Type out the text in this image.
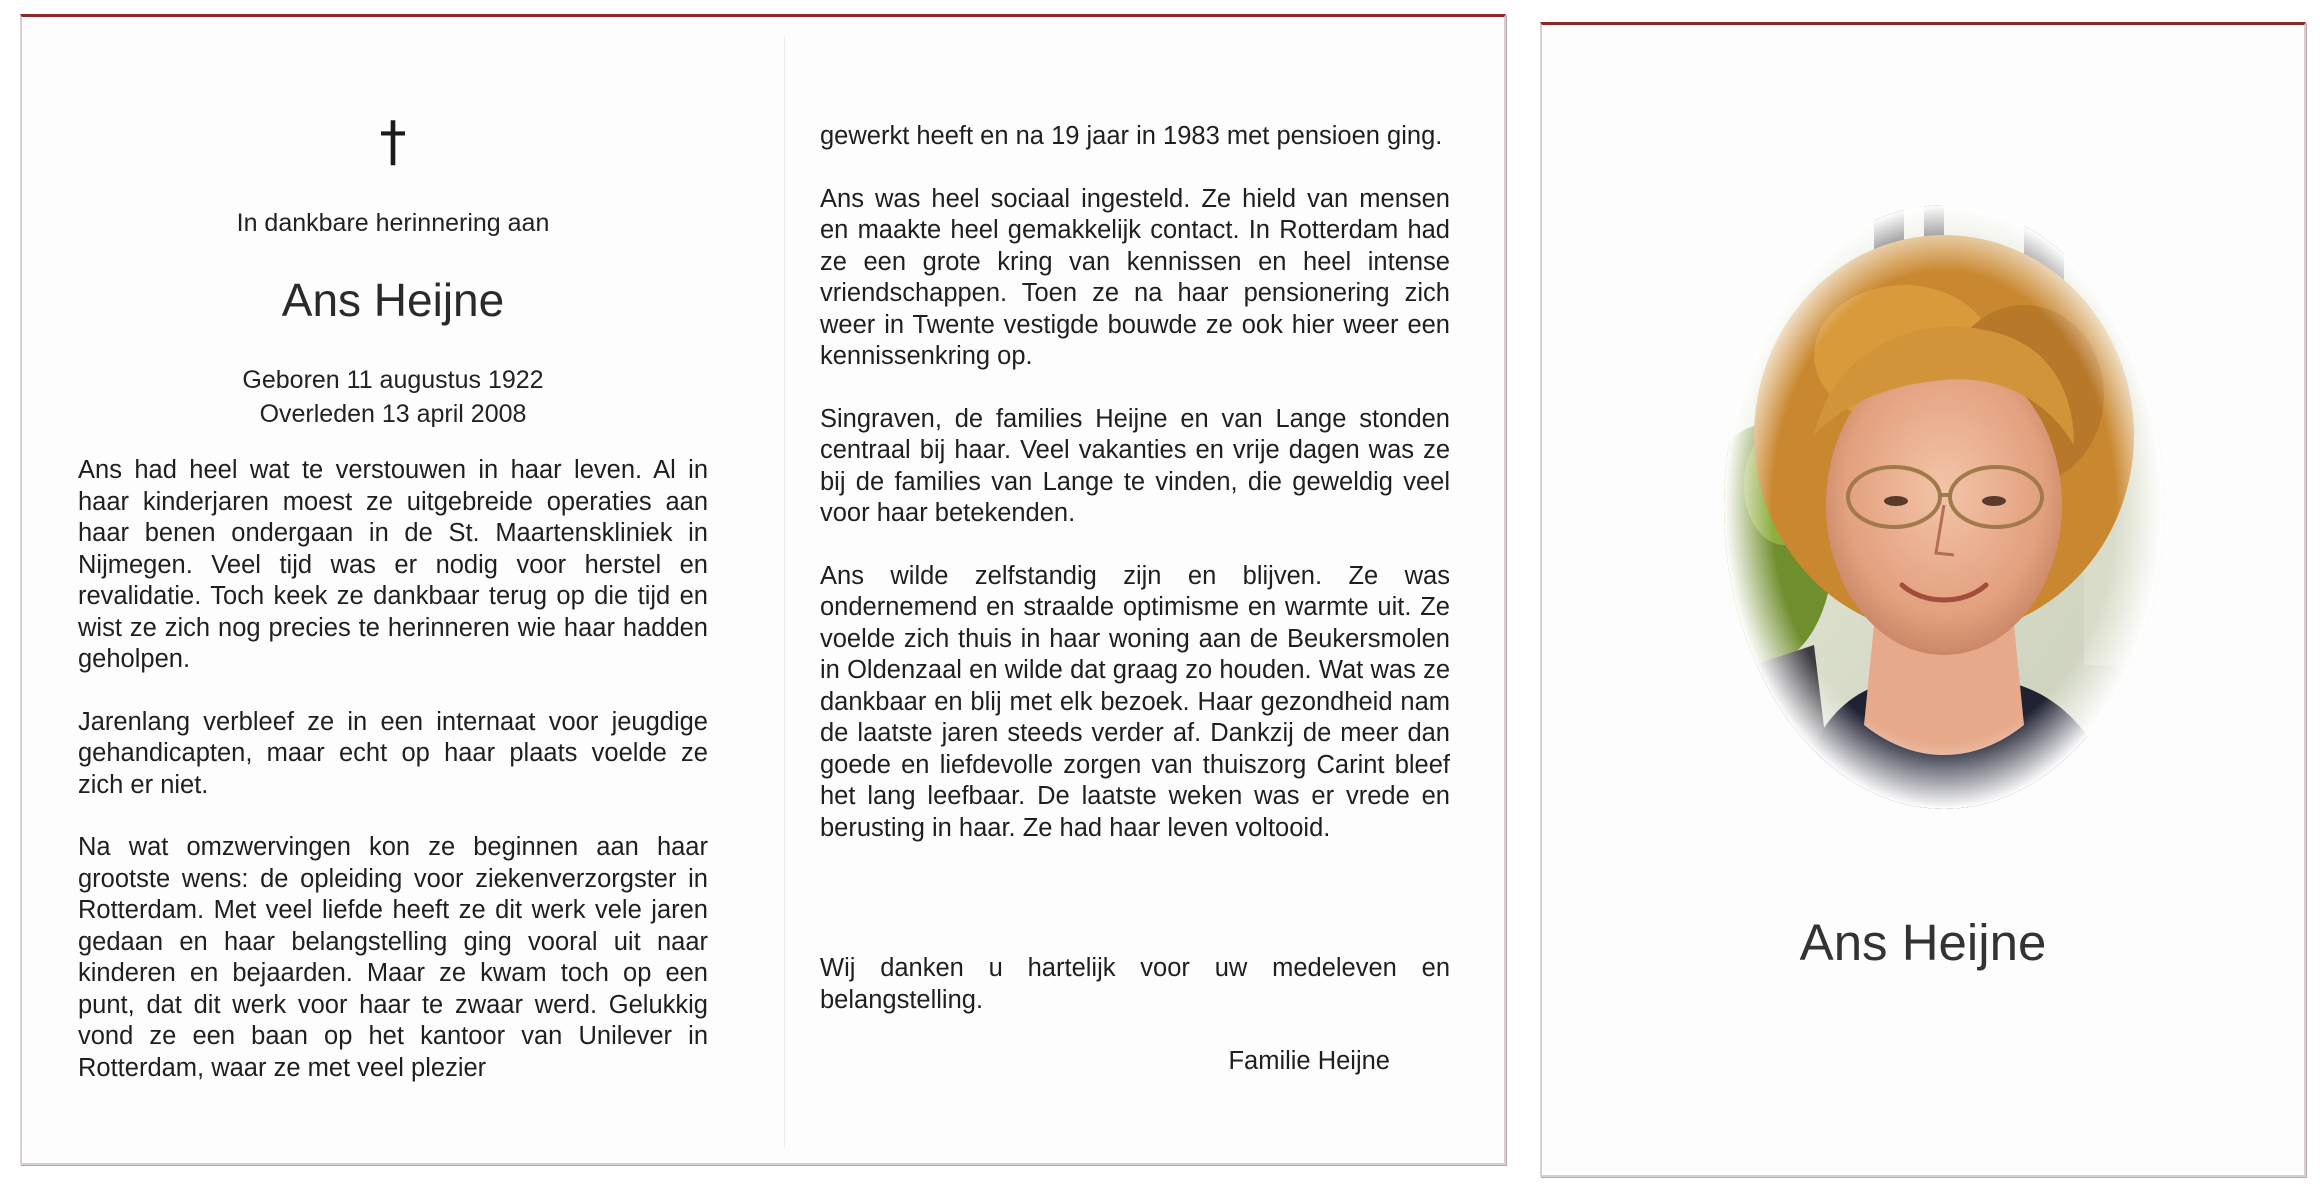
†
In dankbare herinnering aan
Ans Heijne
Geboren 11 augustus 1922
Overleden 13 april 2008

Ans had heel wat te verstouwen in haar leven. Al in haar kinderjaren moest ze uitgebreide operaties aan haar benen ondergaan in de St. Maartenskliniek in Nijmegen. Veel tijd was er nodig voor herstel en revalidatie. Toch keek ze dankbaar terug op die tijd en wist ze zich nog precies te herinneren wie haar hadden geholpen.

Jarenlang verbleef ze in een internaat voor jeugdige gehandicapten, maar echt op haar plaats voelde ze zich er niet.

Na wat omzwervingen kon ze beginnen aan haar grootste wens: de opleiding voor ziekenverzorgster in Rotterdam. Met veel liefde heeft ze dit werk vele jaren gedaan en haar belangstelling ging vooral uit naar kinderen en bejaarden. Maar ze kwam toch op een punt, dat dit werk voor haar te zwaar werd. Gelukkig vond ze een baan op het kantoor van Unilever in Rotterdam, waar ze met veel plezier

gewerkt heeft en na 19 jaar in 1983 met pensioen ging.

Ans was heel sociaal ingesteld. Ze hield van mensen en maakte heel gemakkelijk contact. In Rotterdam had ze een grote kring van kennissen en heel intense vriendschappen. Toen ze na haar pensionering zich weer in Twente vestigde bouwde ze ook hier weer een kennissenkring op.

Singraven, de families Heijne en van Lange stonden centraal bij haar. Veel vakanties en vrije dagen was ze bij de families van Lange te vinden, die geweldig veel voor haar betekenden.

Ans wilde zelfstandig zijn en blijven. Ze was ondernemend en straalde optimisme en warmte uit. Ze voelde zich thuis in haar woning aan de Beukersmolen in Oldenzaal en wilde dat graag zo houden. Wat was ze dankbaar en blij met elk bezoek. Haar gezondheid nam de laatste jaren steeds verder af. Dankzij de meer dan goede en liefdevolle zorgen van thuiszorg Carint bleef het lang leefbaar. De laatste weken was er vrede en berusting in haar. Ze had haar leven voltooid.

Wij danken u hartelijk voor uw medeleven en belangstelling.

Familie Heijne
Ans Heijne
